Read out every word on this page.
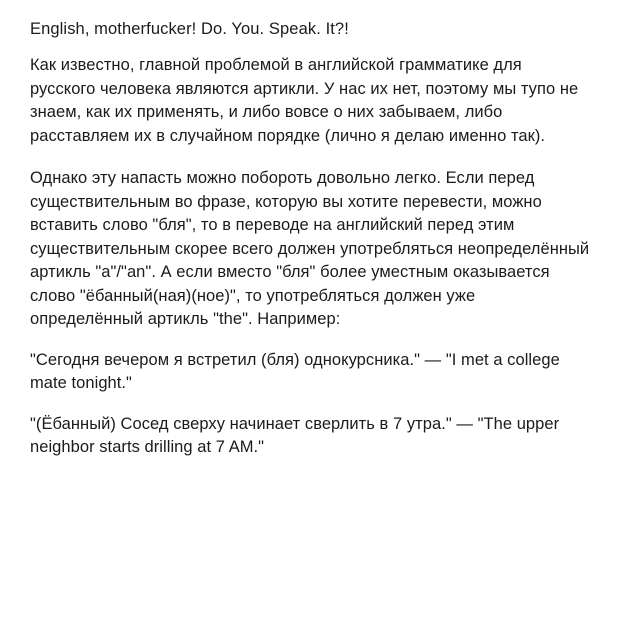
English, motherfucker! Do. You. Speak. It?!

Как известно, главной проблемой в английской грамматике для русского человека являются артикли. У нас их нет, поэтому мы тупо не знаем, как их применять, и либо вовсе о них забываем, либо расставляем их в случайном порядке (лично я делаю именно так).

Однако эту напасть можно побороть довольно легко. Если перед существительным во фразе, которую вы хотите перевести, можно вставить слово "бля", то в переводе на английский перед этим существительным скорее всего должен употребляться неопределённый артикль "a"/"an". А если вместо "бля" более уместным оказывается слово "ёбанный(ная)(ное)", то употребляться должен уже определённый артикль "the". Например:

"Сегодня вечером я встретил (бля) однокурсника." — "I met a college mate tonight."

"(Ёбанный) Сосед сверху начинает сверлить в 7 утра." — "The upper neighbor starts drilling at 7 AM."
